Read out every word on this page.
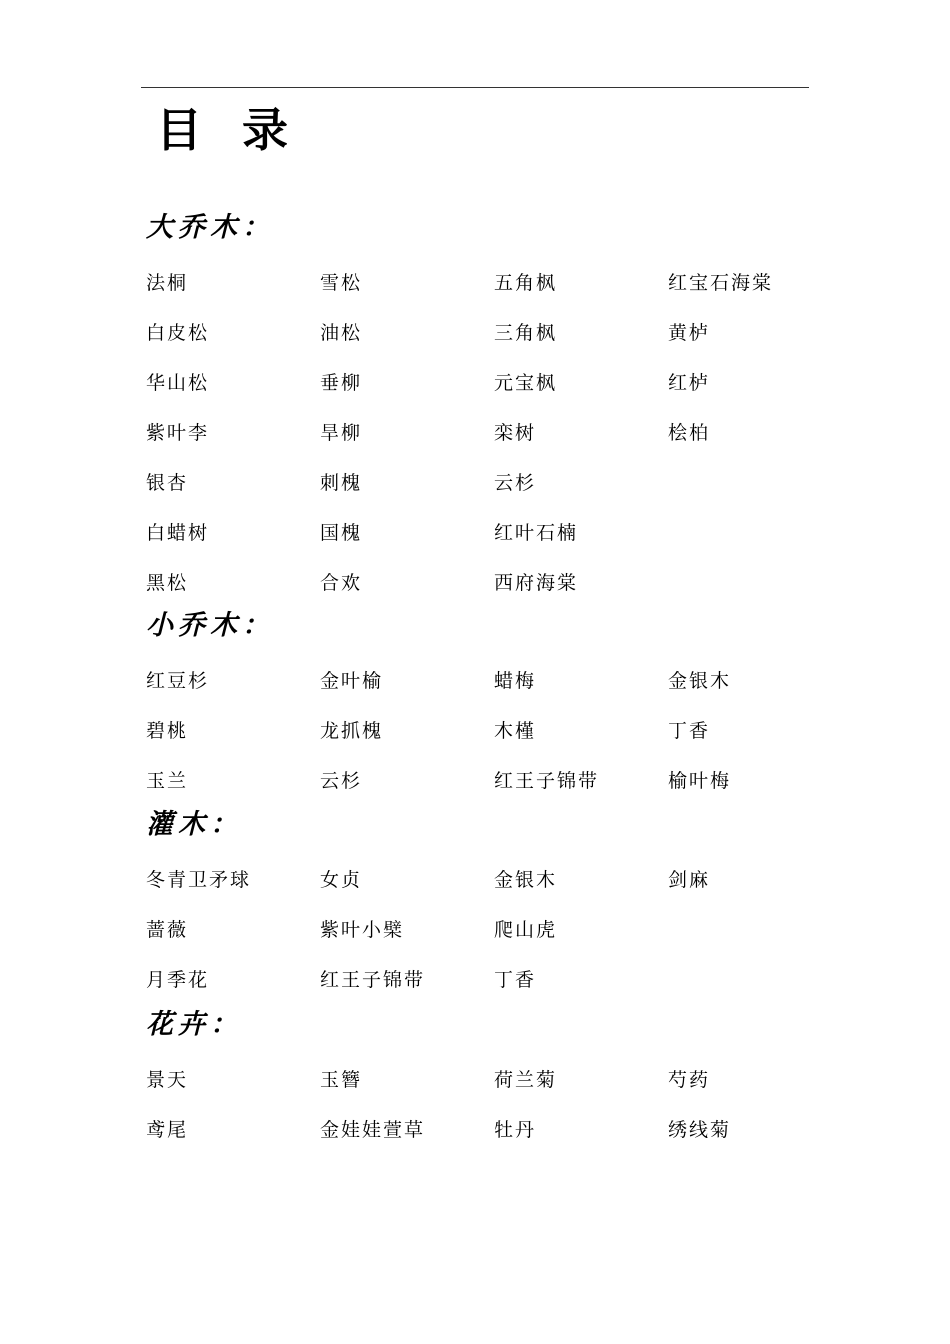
目 录
大乔木：
法桐	雪松	五角枫	红宝石海棠
白皮松	油松	三角枫	黄栌
华山松	垂柳	元宝枫	红栌
紫叶李	旱柳	栾树	桧柏
银杏	刺槐	云杉
白蜡树	国槐	红叶石楠
黑松	合欢	西府海棠
小乔木：
红豆杉	金叶榆	蜡梅	金银木
碧桃	龙抓槐	木槿	丁香
玉兰	云杉	红王子锦带	榆叶梅
灌木：
冬青卫矛球	女贞	金银木	剑麻
蔷薇	紫叶小檗	爬山虎
月季花	红王子锦带	丁香
花卉：
景天	玉簪	荷兰菊	芍药
鸢尾	金娃娃萱草	牡丹	绣线菊
